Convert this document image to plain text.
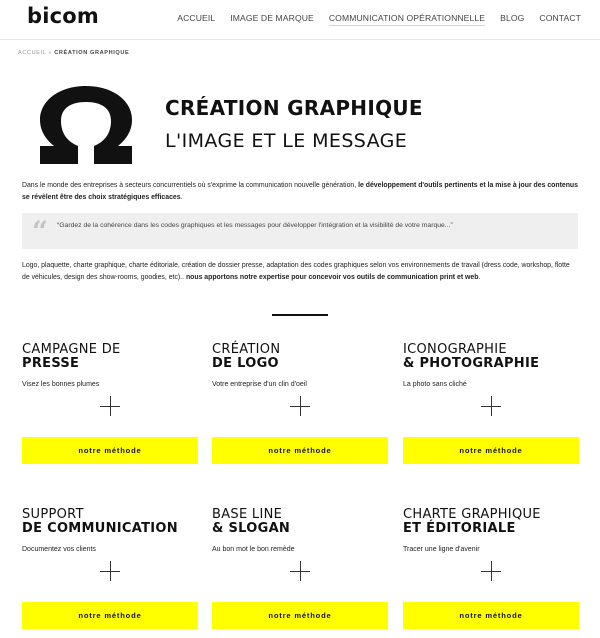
bicom	ACCUEIL IMAGE DE MARQUE COMMUNICATION OPÉRATIONNELLE BLOG CONTACT
ACCUEIL » CRÉATION GRAPHIQUE
CRÉATION GRAPHIQUE
L'IMAGE ET LE MESSAGE
Dans le monde des entreprises à secteurs concurrentiels où s'exprime la communication nouvelle génération, le développement d'outils pertinents et la mise à jour des contenus se révèlent être des choix stratégiques efficaces.
“ “Gardez de la cohérence dans les codes graphiques et les messages pour développer l'intégration et la visibilité de votre marque...”
Logo, plaquette, charte graphique, charte éditoriale, création de dossier presse, adaptation des codes graphiques selon vos environnements de travail (dress code, workshop, flotte de véhicules, design des show-rooms, goodies, etc).. nous apportons notre expertise pour concevoir vos outils de communication print et web.
CAMPAGNE DE
PRESSE
Visez les bonnes plumes
notre méthode
CRÉATION
DE LOGO
Votre entreprise d'un clin d'oeil
notre méthode
ICONOGRAPHIE
& PHOTOGRAPHIE
La photo sans cliché
notre méthode
SUPPORT
DE COMMUNICATION
Documentez vos clients
notre méthode
BASE LINE
& SLOGAN
Au bon mot le bon remède
notre méthode
CHARTE GRAPHIQUE
ET ÉDITORIALE
Tracer une ligne d'avenir
notre méthode
